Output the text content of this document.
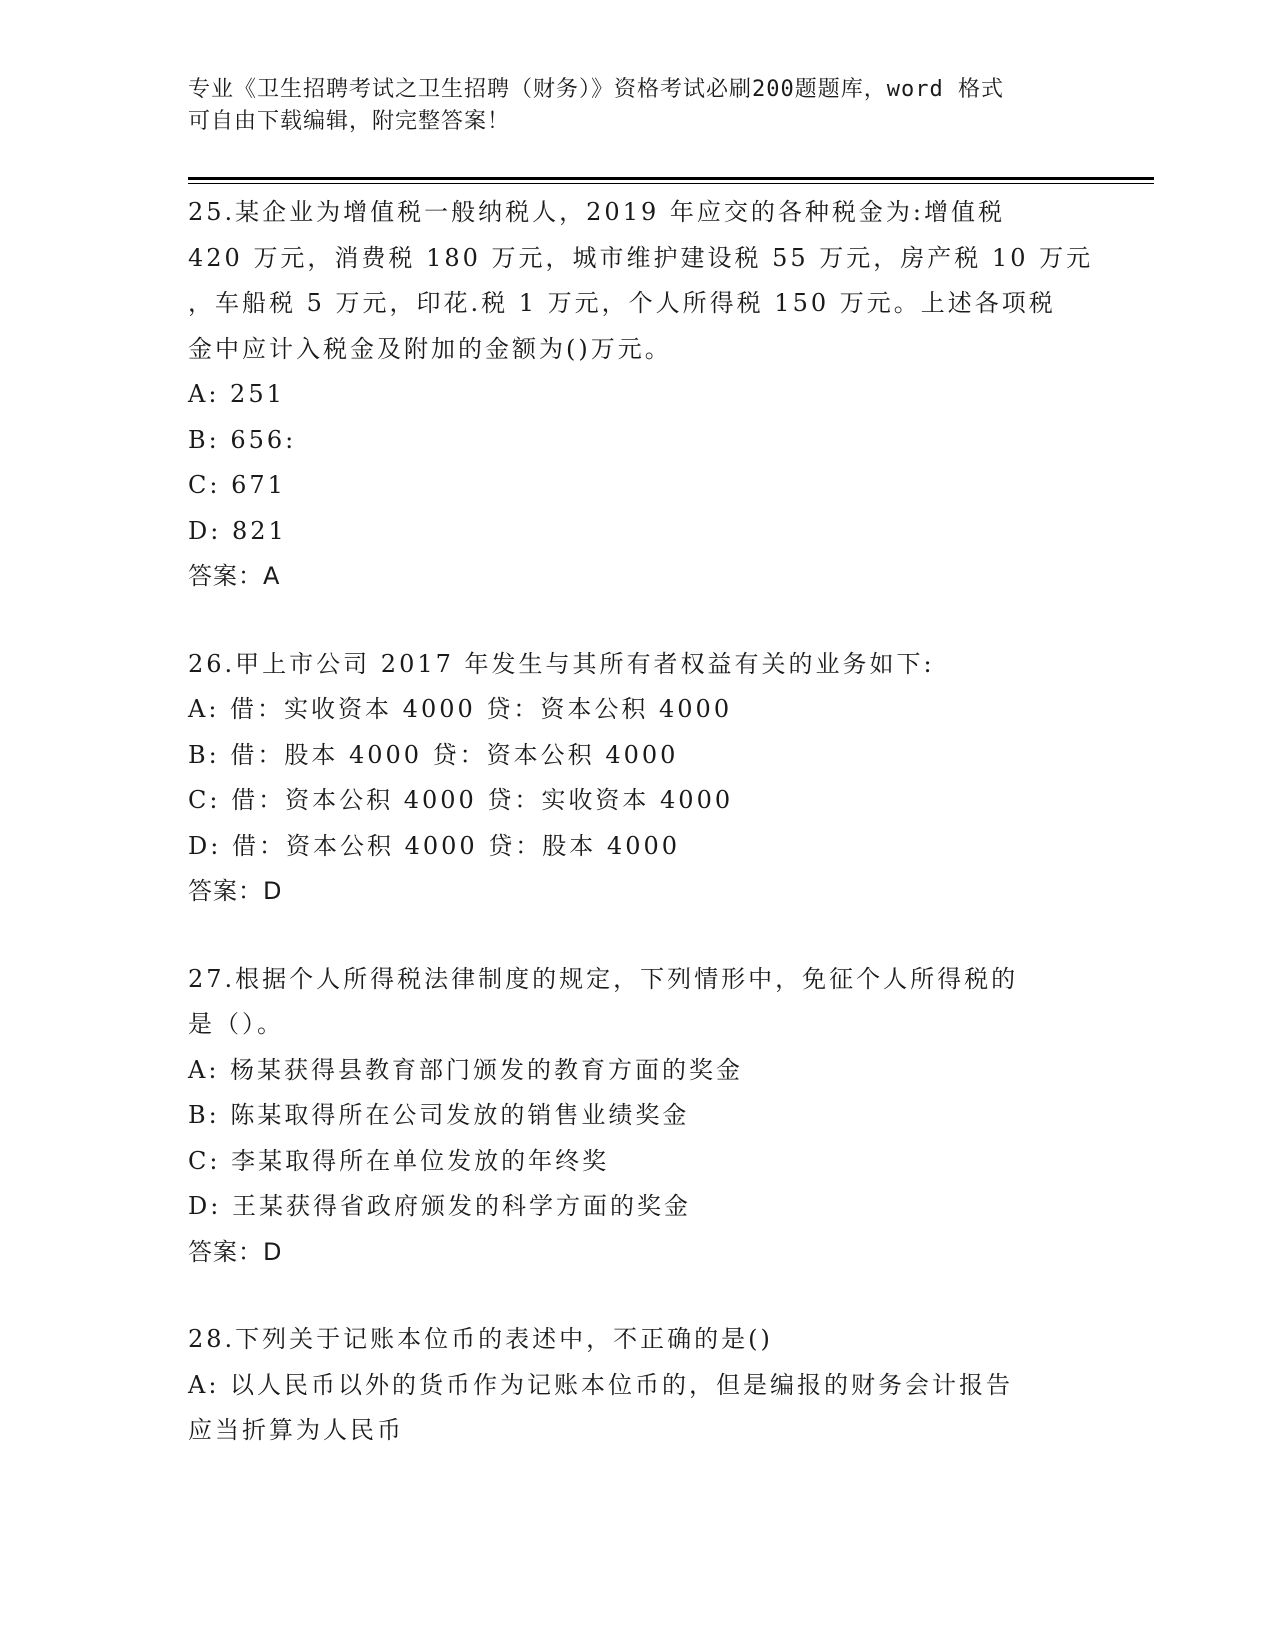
专业《卫生招聘考试之卫生招聘（财务）》资格考试必刷200题题库，word 格式
可自由下载编辑，附完整答案！
25.某企业为增值税一般纳税人，2019 年应交的各种税金为:增值税
420 万元，消费税 180 万元，城市维护建设税 55 万元，房产税 10 万元
，车船税 5 万元，印花.税 1 万元，个人所得税 150 万元。上述各项税
金中应计入税金及附加的金额为()万元。
A: 251
B: 656:
C: 671
D: 821
答案：A
26.甲上市公司 2017 年发生与其所有者权益有关的业务如下:
A: 借：实收资本 4000 贷：资本公积 4000
B: 借：股本 4000 贷：资本公积 4000
C: 借：资本公积 4000 贷：实收资本 4000
D: 借：资本公积 4000 贷：股本 4000
答案：D
27.根据个人所得税法律制度的规定，下列情形中，免征个人所得税的
是（）。
A: 杨某获得县教育部门颁发的教育方面的奖金
B: 陈某取得所在公司发放的销售业绩奖金
C: 李某取得所在单位发放的年终奖
D: 王某获得省政府颁发的科学方面的奖金
答案：D
28.下列关于记账本位币的表述中，不正确的是()
A: 以人民币以外的货币作为记账本位币的，但是编报的财务会计报告
应当折算为人民币
